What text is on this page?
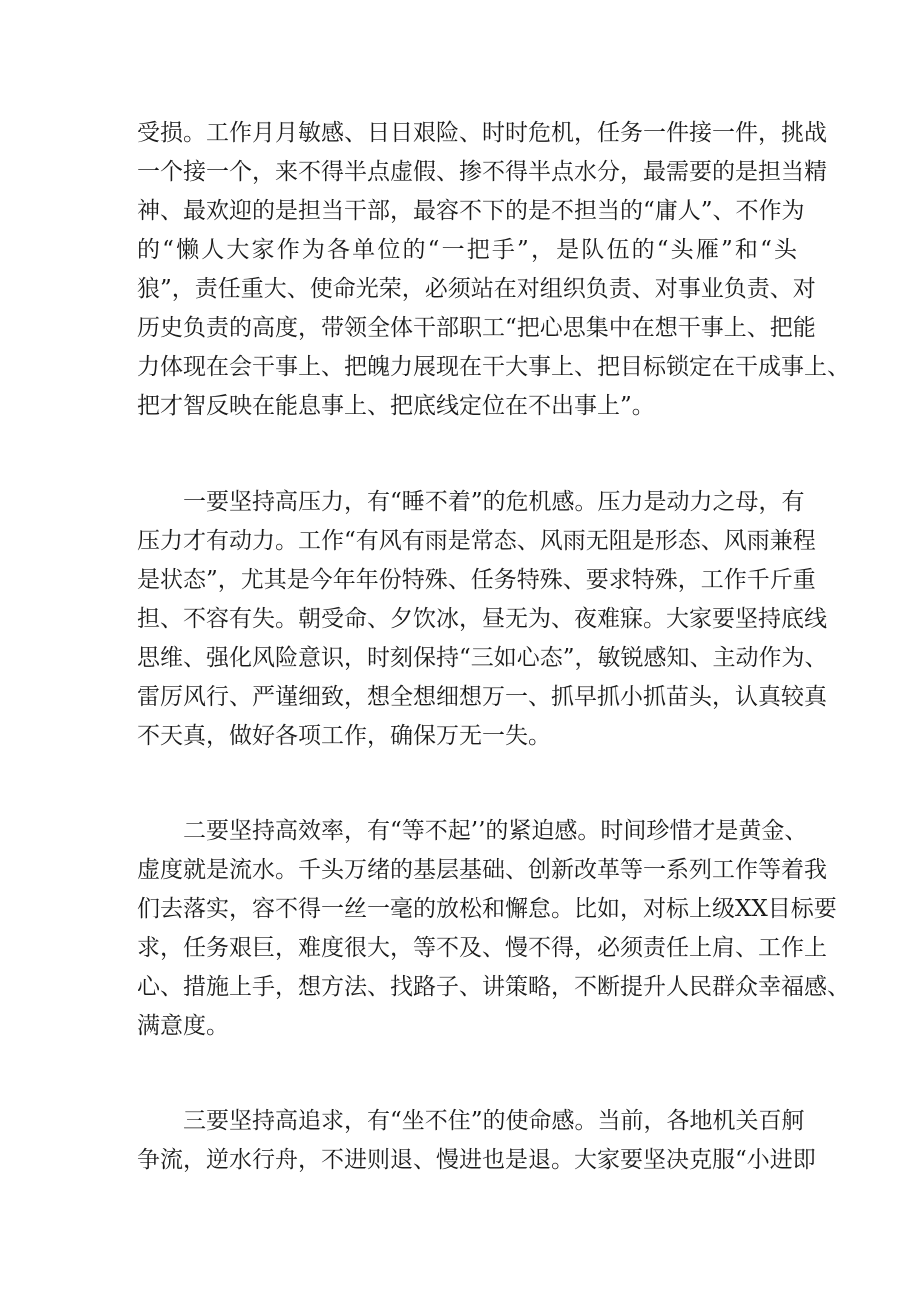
受损。工作月月敏感、日日艰险、时时危机，任务一件接一件，挑战
一个接一个，来不得半点虚假、掺不得半点水分，最需要的是担当精
神、最欢迎的是担当干部，最容不下的是不担当的“庸人”、不作为
的“懒人大家作为各单位的“一把手”，是队伍的“头雁”和“头
狼”，责任重大、使命光荣，必须站在对组织负责、对事业负责、对
历史负责的高度，带领全体干部职工“把心思集中在想干事上、把能
力体现在会干事上、把魄力展现在干大事上、把目标锁定在干成事上、
把才智反映在能息事上、把底线定位在不出事上”。
一要坚持高压力，有“睡不着”的危机感。压力是动力之母，有
压力才有动力。工作“有风有雨是常态、风雨无阻是形态、风雨兼程
是状态”，尤其是今年年份特殊、任务特殊、要求特殊，工作千斤重
担、不容有失。朝受命、夕饮冰，昼无为、夜难寐。大家要坚持底线
思维、强化风险意识，时刻保持“三如心态”，敏锐感知、主动作为、
雷厉风行、严谨细致，想全想细想万一、抓早抓小抓苗头，认真较真
不天真，做好各项工作，确保万无一失。
二要坚持高效率，有“等不起’’的紧迫感。时间珍惜才是黄金、
虚度就是流水。千头万绪的基层基础、创新改革等一系列工作等着我
们去落实，容不得一丝一毫的放松和懈怠。比如，对标上级XX目标要
求，任务艰巨，难度很大，等不及、慢不得，必须责任上肩、工作上
心、措施上手，想方法、找路子、讲策略，不断提升人民群众幸福感、
满意度。
三要坚持高追求，有“坐不住”的使命感。当前，各地机关百舸
争流，逆水行舟，不进则退、慢进也是退。大家要坚决克服“小进即
